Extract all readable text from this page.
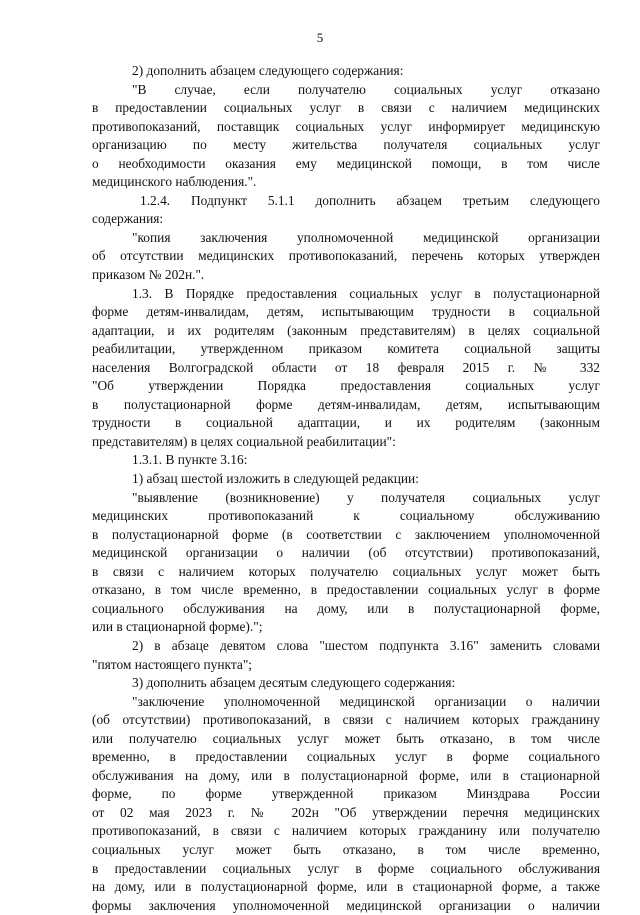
5
2) дополнить абзацем следующего содержания:
"В случае, если получателю социальных услуг отказано
в предоставлении социальных услуг в связи с наличием медицинских
противопоказаний, поставщик социальных услуг информирует медицинскую
организацию по месту жительства получателя социальных услуг
о необходимости оказания ему медицинской помощи, в том числе
медицинского наблюдения.".
1.2.4. Подпункт 5.1.1 дополнить абзацем третьим следующего
содержания:
"копия заключения уполномоченной медицинской организации
об отсутствии медицинских противопоказаний, перечень которых утвержден
приказом № 202н.".
1.3. В Порядке предоставления социальных услуг в полустационарной
форме детям-инвалидам, детям, испытывающим трудности в социальной
адаптации, и их родителям (законным представителям) в целях социальной
реабилитации, утвержденном приказом комитета социальной защиты
населения Волгоградской области от 18 февраля 2015 г. № 332
"Об утверждении Порядка предоставления социальных услуг
в полустационарной форме детям-инвалидам, детям, испытывающим
трудности в социальной адаптации, и их родителям (законным
представителям) в целях социальной реабилитации":
1.3.1. В пункте 3.16:
1) абзац шестой изложить в следующей редакции:
"выявление (возникновение) у получателя социальных услуг
медицинских противопоказаний к социальному обслуживанию
в полустационарной форме (в соответствии с заключением уполномоченной
медицинской организации о наличии (об отсутствии) противопоказаний,
в связи с наличием которых получателю социальных услуг может быть
отказано, в том числе временно, в предоставлении социальных услуг в форме
социального обслуживания на дому, или в полустационарной форме,
или в стационарной форме).";
2) в абзаце девятом слова "шестом подпункта 3.16" заменить словами
"пятом настоящего пункта";
3) дополнить абзацем десятым следующего содержания:
"заключение уполномоченной медицинской организации о наличии
(об отсутствии) противопоказаний, в связи с наличием которых гражданину
или получателю социальных услуг может быть отказано, в том числе
временно, в предоставлении социальных услуг в форме социального
обслуживания на дому, или в полустационарной форме, или в стационарной
форме, по форме утвержденной приказом Минздрава России
от 02 мая 2023 г. № 202н "Об утверждении перечня медицинских
противопоказаний, в связи с наличием которых гражданину или получателю
социальных услуг может быть отказано, в том числе временно,
в предоставлении социальных услуг в форме социального обслуживания
на дому, или в полустационарной форме, или в стационарной форме, а также
формы заключения уполномоченной медицинской организации о наличии
